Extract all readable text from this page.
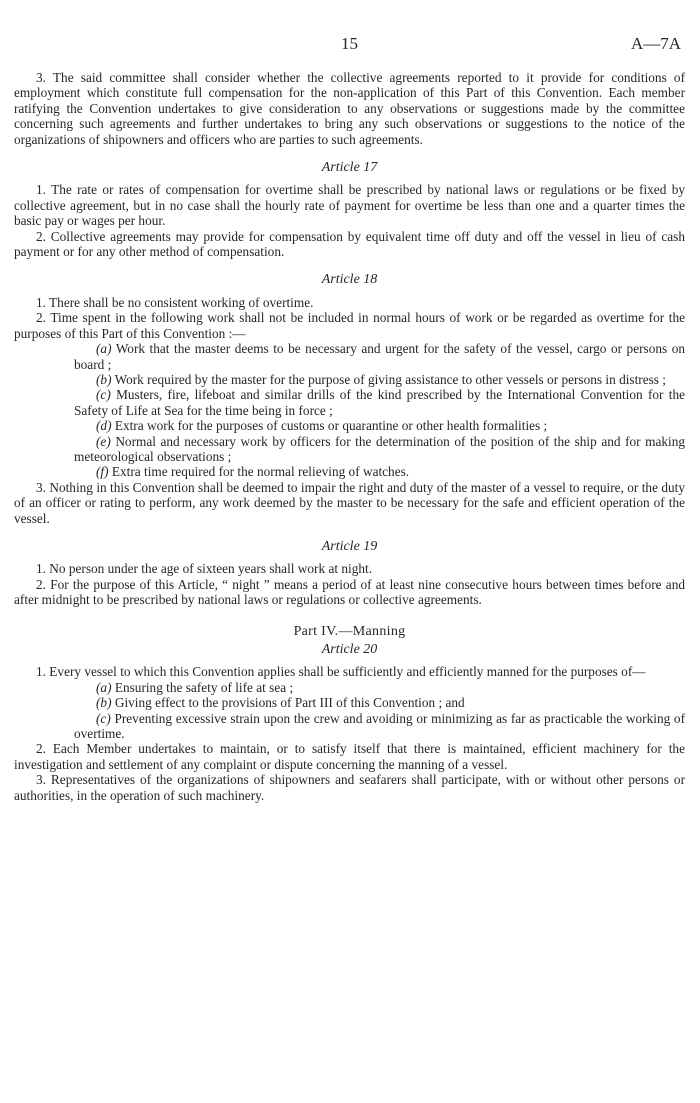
15	A—7A

3. The said committee shall consider whether the collective agreements reported to it provide for conditions of employment which constitute full compensation for the non-application of this Part of this Convention. Each member ratifying the Convention undertakes to give consideration to any observations or suggestions made by the committee concerning such agreements and further undertakes to bring any such observations or suggestions to the notice of the organizations of shipowners and officers who are parties to such agreements.

Article 17

1. The rate or rates of compensation for overtime shall be prescribed by national laws or regulations or be fixed by collective agreement, but in no case shall the hourly rate of payment for overtime be less than one and a quarter times the basic pay or wages per hour.

2. Collective agreements may provide for compensation by equivalent time off duty and off the vessel in lieu of cash payment or for any other method of compensation.

Article 18

1. There shall be no consistent working of overtime.

2. Time spent in the following work shall not be included in normal hours of work or be regarded as overtime for the purposes of this Part of this Convention :—

(a) Work that the master deems to be necessary and urgent for the safety of the vessel, cargo or persons on board ;

(b) Work required by the master for the purpose of giving assistance to other vessels or persons in distress ;

(c) Musters, fire, lifeboat and similar drills of the kind prescribed by the International Convention for the Safety of Life at Sea for the time being in force ;

(d) Extra work for the purposes of customs or quarantine or other health formalities ;

(e) Normal and necessary work by officers for the determination of the position of the ship and for making meteorological observations ;

(f) Extra time required for the normal relieving of watches.

3. Nothing in this Convention shall be deemed to impair the right and duty of the master of a vessel to require, or the duty of an officer or rating to perform, any work deemed by the master to be necessary for the safe and efficient operation of the vessel.

Article 19

1. No person under the age of sixteen years shall work at night.

2. For the purpose of this Article, “ night ” means a period of at least nine consecutive hours between times before and after midnight to be prescribed by national laws or regulations or collective agreements.

Part IV.—Manning
Article 20

1. Every vessel to which this Convention applies shall be sufficiently and efficiently manned for the purposes of—

(a) Ensuring the safety of life at sea ;

(b) Giving effect to the provisions of Part III of this Convention ; and

(c) Preventing excessive strain upon the crew and avoiding or minimizing as far as practicable the working of overtime.

2. Each Member undertakes to maintain, or to satisfy itself that there is maintained, efficient machinery for the investigation and settlement of any complaint or dispute concerning the manning of a vessel.

3. Representatives of the organizations of shipowners and seafarers shall participate, with or without other persons or authorities, in the operation of such machinery.
